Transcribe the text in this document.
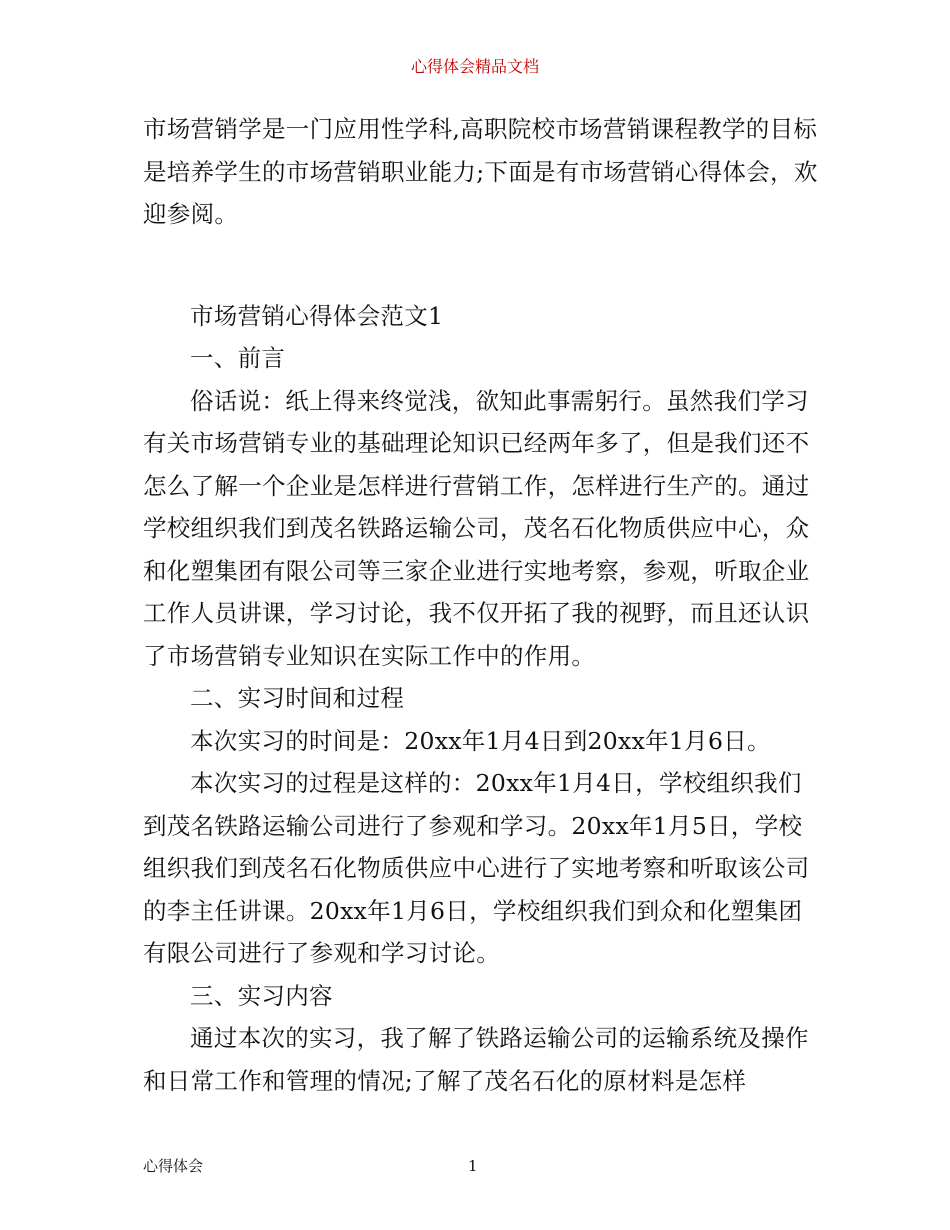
心得体会精品文档

市场营销学是一门应用性学科,高职院校市场营销课程教学的目标是培养学生的市场营销职业能力;下面是有市场营销心得体会，欢迎参阅。

市场营销心得体会范文1

一、前言

俗话说：纸上得来终觉浅，欲知此事需躬行。虽然我们学习有关市场营销专业的基础理论知识已经两年多了，但是我们还不怎么了解一个企业是怎样进行营销工作，怎样进行生产的。通过学校组织我们到茂名铁路运输公司，茂名石化物质供应中心，众和化塑集团有限公司等三家企业进行实地考察，参观，听取企业工作人员讲课，学习讨论，我不仅开拓了我的视野，而且还认识了市场营销专业知识在实际工作中的作用。

二、实习时间和过程

本次实习的时间是：20xx年1月4日到20xx年1月6日。

本次实习的过程是这样的：20xx年1月4日，学校组织我们到茂名铁路运输公司进行了参观和学习。20xx年1月5日，学校组织我们到茂名石化物质供应中心进行了实地考察和听取该公司的李主任讲课。20xx年1月6日，学校组织我们到众和化塑集团有限公司进行了参观和学习讨论。

三、实习内容

通过本次的实习，我了解了铁路运输公司的运输系统及操作和日常工作和管理的情况;了解了茂名石化的原材料是怎样

心得体会	1
